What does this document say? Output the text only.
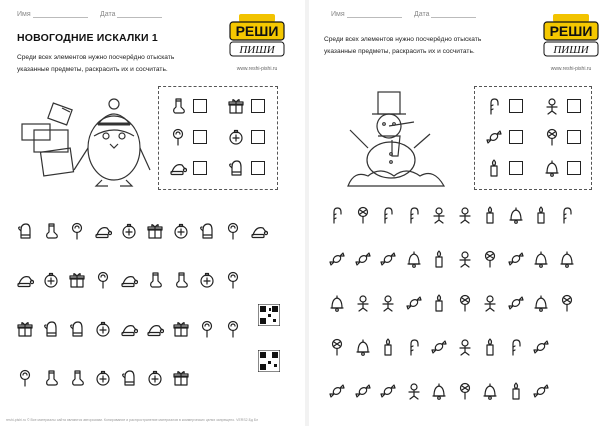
Имя	Дата
НОВОГОДНИЕ ИСКАЛКИ 1
Среди всех элементов нужно посчерёдно отыскать
указанные предметы, раскрасить их и сосчитать.
РЕШИ
ПИШИ
www.reshi-pishi.ru
reshi-pishi.ru © Все материалы сайта являются авторскими. Копирование и распространение материалов в коммерческих целях запрещено. VERS2.Бд Бл
Имя	Дата
Среди всех элементов нужно посчерёдно отыскать
указанные предметы, раскрасить их и сосчитать.
РЕШИ
ПИШИ
www.reshi-pishi.ru
